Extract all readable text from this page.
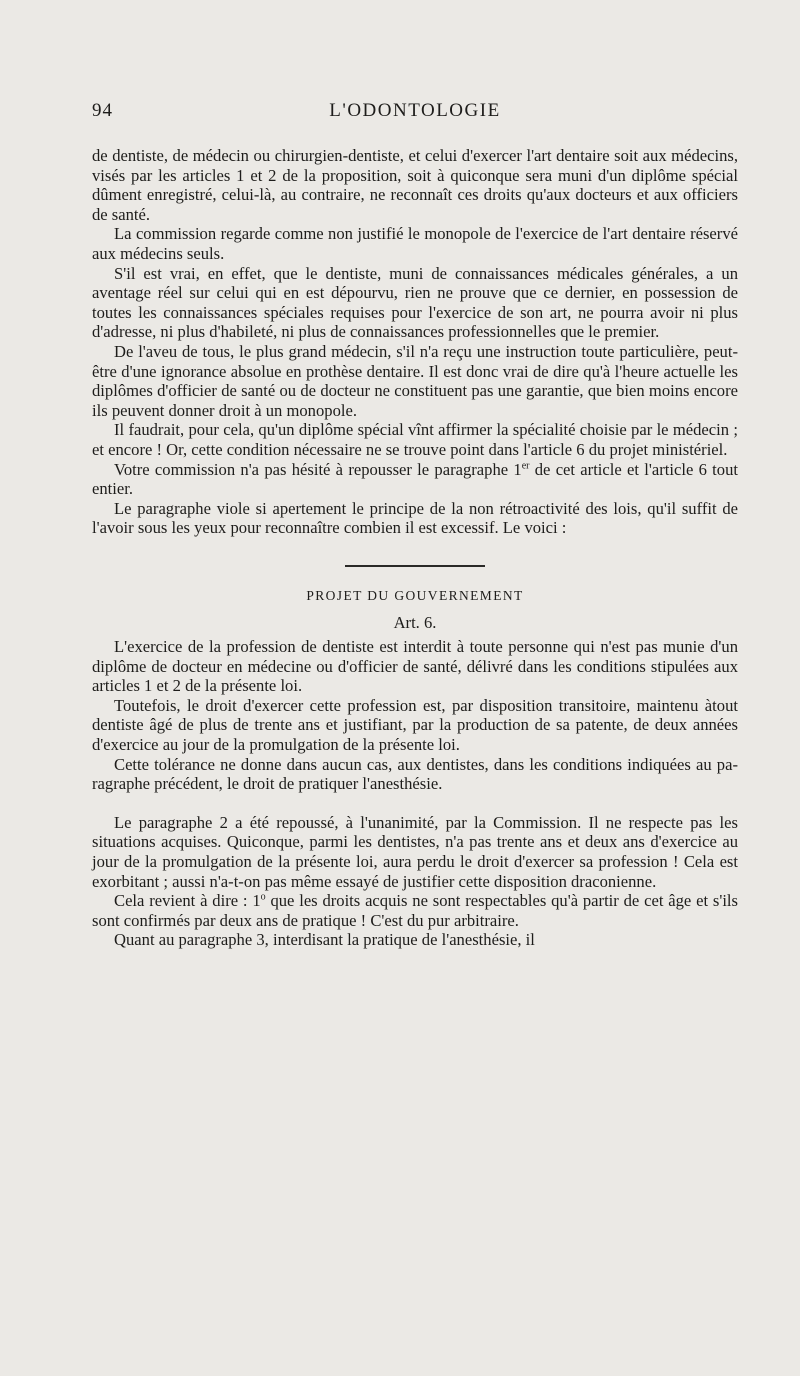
94	L'ODONTOLOGIE

de dentiste, de médecin ou chirurgien-dentiste, et celui d'exercer l'art dentaire soit aux médecins, visés par les articles 1 et 2 de la proposition, soit à quiconque sera muni d'un diplôme spécial dûment enregistré, celui-là, au contraire, ne reconnaît ces droits qu'aux docteurs et aux officiers de santé.

La commission regarde comme non justifié le monopole de l'exercice de l'art dentaire réservé aux médecins seuls.

S'il est vrai, en effet, que le dentiste, muni de connaissances médicales générales, a un aventage réel sur celui qui en est dépourvu, rien ne prouve que ce dernier, en possession de toutes les connaissances spéciales requises pour l'exercice de son art, ne pourra avoir ni plus d'adresse, ni plus d'habileté, ni plus de connaissances professionnelles que le premier.

De l'aveu de tous, le plus grand médecin, s'il n'a reçu une instruction toute particulière, peut-être d'une ignorance absolue en prothèse dentaire. Il est donc vrai de dire qu'à l'heure actuelle les diplômes d'officier de santé ou de docteur ne constituent pas une garantie, que bien moins encore ils peuvent donner droit à un monopole.

Il faudrait, pour cela, qu'un diplôme spécial vînt affirmer la spécialité choisie par le médecin ; et encore ! Or, cette condition nécessaire ne se trouve point dans l'article 6 du projet ministériel.

Votre commission n'a pas hésité à repousser le paragraphe 1er de cet article et l'article 6 tout entier.

Le paragraphe viole si apertement le principe de la non rétroactivité des lois, qu'il suffit de l'avoir sous les yeux pour reconnaître combien il est excessif. Le voici :

PROJET DU GOUVERNEMENT
Art. 6.

L'exercice de la profession de dentiste est interdit à toute personne qui n'est pas munie d'un diplôme de docteur en médecine ou d'officier de santé, délivré dans les conditions stipulées aux articles 1 et 2 de la présente loi.

Toutefois, le droit d'exercer cette profession est, par disposition transitoire, maintenu àtout dentiste âgé de plus de trente ans et justifiant, par la production de sa patente, de deux années d'exercice au jour de la promulgation de la présente loi.

Cette tolérance ne donne dans aucun cas, aux dentistes, dans les conditions indiquées au pa- ragraphe précédent, le droit de pratiquer l'anesthésie.

Le paragraphe 2 a été repoussé, à l'unanimité, par la Commission. Il ne respecte pas les situations acquises. Quiconque, parmi les dentistes, n'a pas trente ans et deux ans d'exercice au jour de la promulgation de la présente loi, aura perdu le droit d'exercer sa profession ! Cela est exorbitant ; aussi n'a-t-on pas même essayé de justifier cette disposition draconienne.

Cela revient à dire : 1$^o$ que les droits acquis ne sont respectables qu'à partir de cet âge et s'ils sont confirmés par deux ans de pratique ! C'est du pur arbitraire.

Quant au paragraphe 3, interdisant la pratique de l'anesthésie, il
